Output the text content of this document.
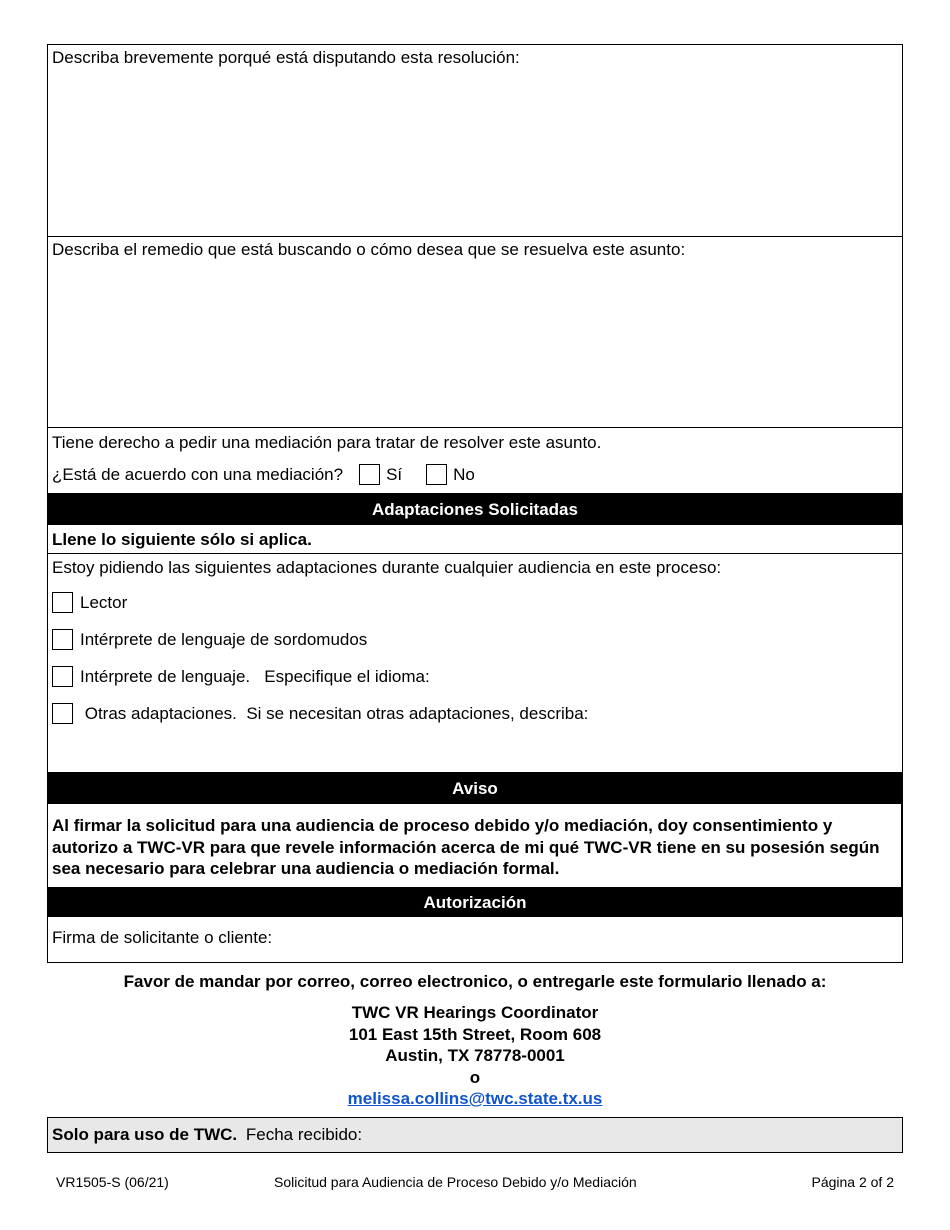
Describa brevemente porqué está disputando esta resolución:
Describa el remedio que está buscando o cómo desea que se resuelva este asunto:
Tiene derecho a pedir una mediación para tratar de resolver este asunto.
¿Está de acuerdo con una mediación?	Sí	No
Adaptaciones Solicitadas
Llene lo siguiente sólo si aplica.
Estoy pidiendo las siguientes adaptaciones durante cualquier audiencia en este proceso:
Lector
Intérprete de lenguaje de sordomudos
Intérprete de lenguaje.   Especifique el idioma:
Otras adaptaciones.  Si se necesitan otras adaptaciones, describa:
Aviso
Al firmar la solicitud para una audiencia de proceso debido y/o mediación, doy consentimiento y autorizo a TWC-VR para que revele información acerca de mi qué TWC-VR tiene en su posesión según sea necesario para celebrar una audiencia o mediación formal.
Autorización
Firma de solicitante o cliente:
Favor de mandar por correo, correo electronico, o entregarle este formulario llenado a:
TWC VR Hearings Coordinator
101 East 15th Street, Room 608
Austin, TX 78778-0001
o
melissa.collins@twc.state.tx.us
Solo para uso de TWC. Fecha recibido:
VR1505-S (06/21)	Solicitud para Audiencia de Proceso Debido y/o Mediación	Página 2 of 2
